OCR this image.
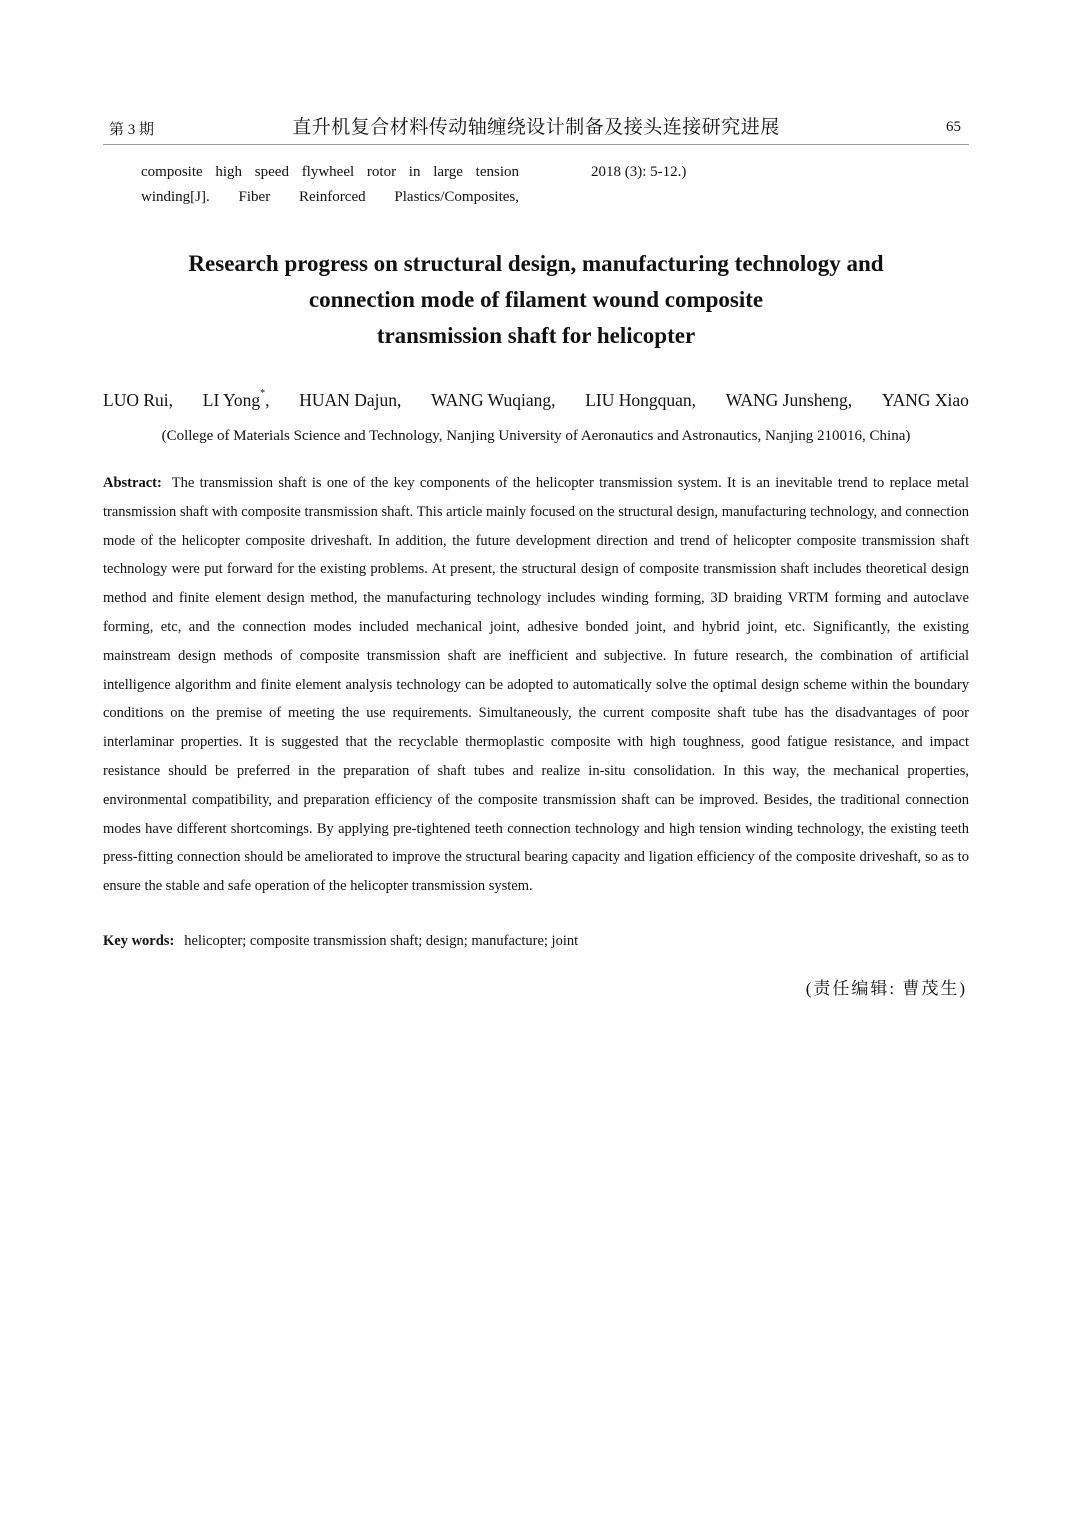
第 3 期	直升机复合材料传动轴缠绕设计制备及接头连接研究进展	65
composite high speed flywheel rotor in large tension
winding[J]. Fiber Reinforced Plastics/Composites,
2018 (3): 5-12.)
Research progress on structural design, manufacturing technology and
connection mode of filament wound composite
transmission shaft for helicopter
LUO Rui, LI Yong*, HUAN Dajun, WANG Wuqiang, LIU Hongquan, WANG Junsheng, YANG Xiao
(College of Materials Science and Technology, Nanjing University of Aeronautics and Astronautics, Nanjing 210016, China)

Abstract: The transmission shaft is one of the key components of the helicopter transmission system. It is an inevitable trend to replace metal transmission shaft with composite transmission shaft. This article mainly focused on the structural design, manufacturing technology, and connection mode of the helicopter composite driveshaft. In addition, the future development direction and trend of helicopter composite transmission shaft technology were put forward for the existing problems. At present, the structural design of composite transmission shaft includes theoretical design method and finite element design method, the manufacturing technology includes winding forming, 3D braiding VRTM forming and autoclave forming, etc, and the connection modes included mechanical joint, adhesive bonded joint, and hybrid joint, etc. Significantly, the existing mainstream design methods of composite transmission shaft are inefficient and subjective. In future research, the combination of artificial intelligence algorithm and finite element analysis technology can be adopted to automatically solve the optimal design scheme within the boundary conditions on the premise of meeting the use requirements. Simultaneously, the current composite shaft tube has the disadvantages of poor interlaminar properties. It is suggested that the recyclable thermoplastic composite with high toughness, good fatigue resistance, and impact resistance should be preferred in the preparation of shaft tubes and realize in-situ consolidation. In this way, the mechanical properties, environmental compatibility, and preparation efficiency of the composite transmission shaft can be improved. Besides, the traditional connection modes have different shortcomings. By applying pre-tightened teeth connection technology and high tension winding technology, the existing teeth press-fitting connection should be ameliorated to improve the structural bearing capacity and ligation efficiency of the composite driveshaft, so as to ensure the stable and safe operation of the helicopter transmission system.

Key words: helicopter; composite transmission shaft; design; manufacture; joint
(责任编辑: 曹茂生)
